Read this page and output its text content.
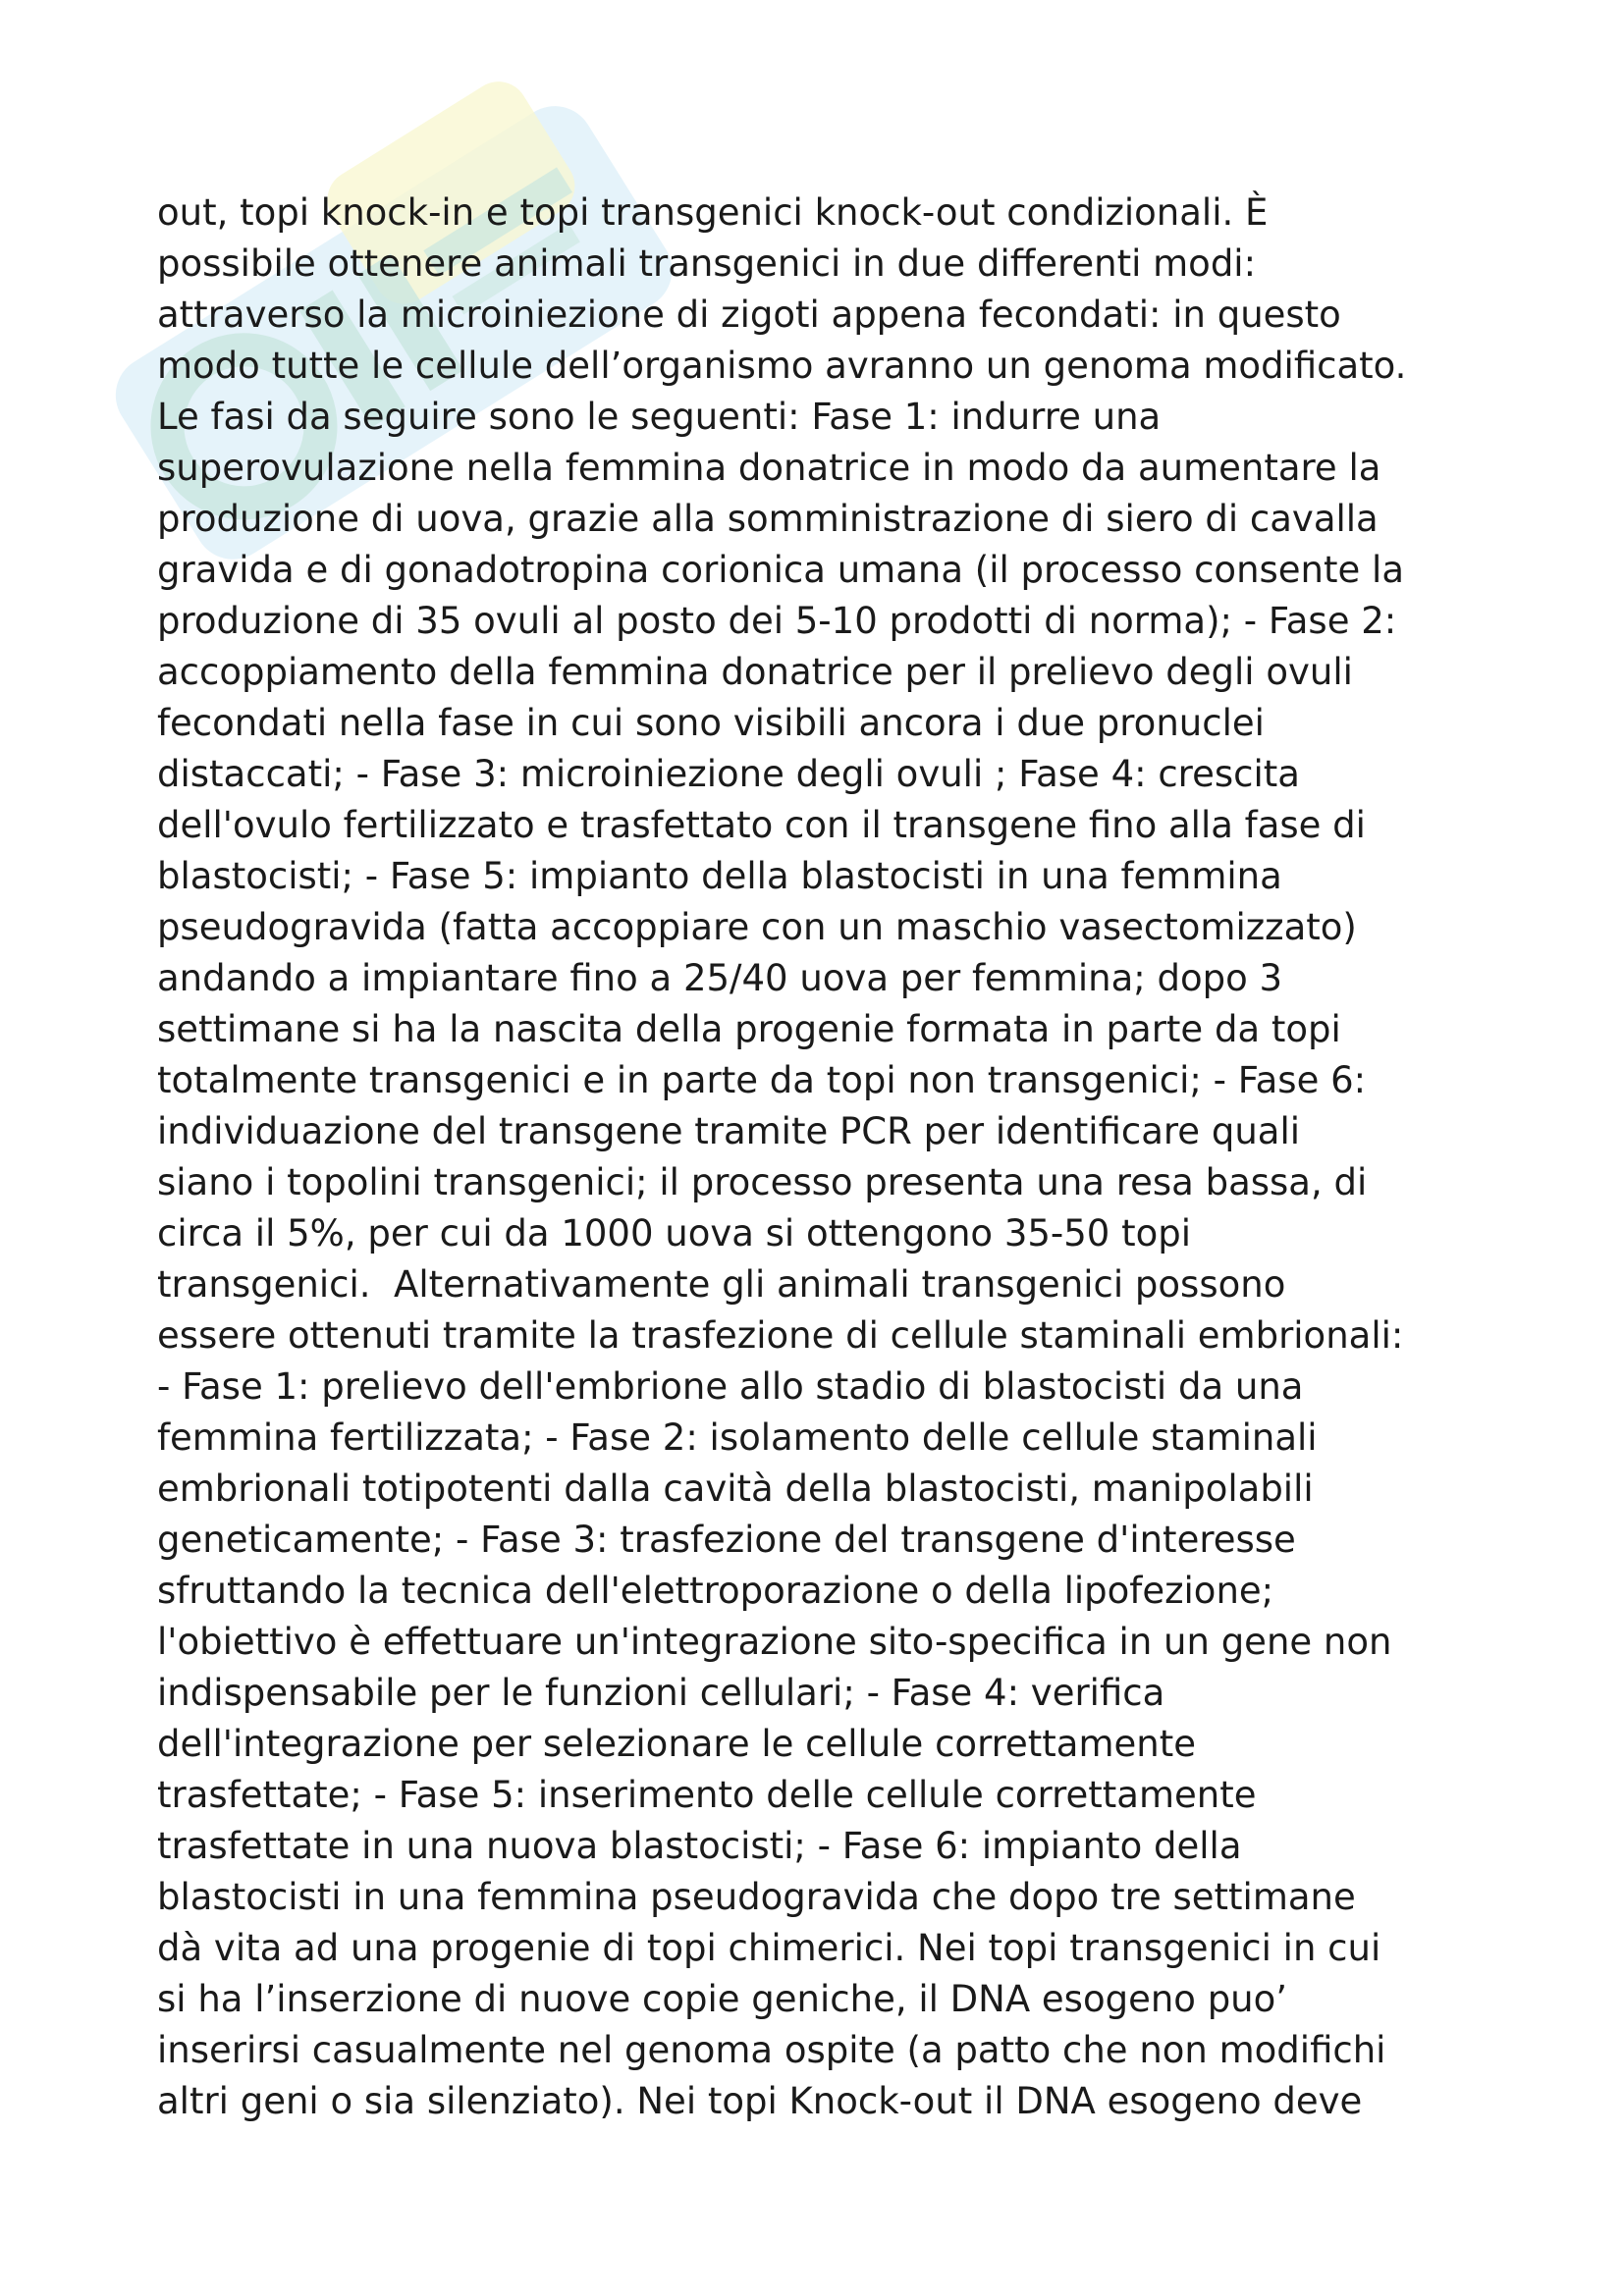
out, topi knock-in e topi transgenici knock-out condizionali. È
possibile ottenere animali transgenici in due differenti modi:
attraverso la microiniezione di zigoti appena fecondati: in questo
modo tutte le cellule dell’organismo avranno un genoma modificato.
Le fasi da seguire sono le seguenti: Fase 1: indurre una
superovulazione nella femmina donatrice in modo da aumentare la
produzione di uova, grazie alla somministrazione di siero di cavalla
gravida e di gonadotropina corionica umana (il processo consente la
produzione di 35 ovuli al posto dei 5-10 prodotti di norma); - Fase 2:
accoppiamento della femmina donatrice per il prelievo degli ovuli
fecondati nella fase in cui sono visibili ancora i due pronuclei
distaccati; - Fase 3: microiniezione degli ovuli ; Fase 4: crescita
dell'ovulo fertilizzato e trasfettato con il transgene fino alla fase di
blastocisti; - Fase 5: impianto della blastocisti in una femmina
pseudogravida (fatta accoppiare con un maschio vasectomizzato)
andando a impiantare fino a 25/40 uova per femmina; dopo 3
settimane si ha la nascita della progenie formata in parte da topi
totalmente transgenici e in parte da topi non transgenici; - Fase 6:
individuazione del transgene tramite PCR per identificare quali
siano i topolini transgenici; il processo presenta una resa bassa, di
circa il 5%, per cui da 1000 uova si ottengono 35-50 topi
transgenici.  Alternativamente gli animali transgenici possono
essere ottenuti tramite la trasfezione di cellule staminali embrionali:
- Fase 1: prelievo dell'embrione allo stadio di blastocisti da una
femmina fertilizzata; - Fase 2: isolamento delle cellule staminali
embrionali totipotenti dalla cavità della blastocisti, manipolabili
geneticamente; - Fase 3: trasfezione del transgene d'interesse
sfruttando la tecnica dell'elettroporazione o della lipofezione;
l'obiettivo è effettuare un'integrazione sito-specifica in un gene non
indispensabile per le funzioni cellulari; - Fase 4: verifica
dell'integrazione per selezionare le cellule correttamente
trasfettate; - Fase 5: inserimento delle cellule correttamente
trasfettate in una nuova blastocisti; - Fase 6: impianto della
blastocisti in una femmina pseudogravida che dopo tre settimane
dà vita ad una progenie di topi chimerici. Nei topi transgenici in cui
si ha l’inserzione di nuove copie geniche, il DNA esogeno puo’
inserirsi casualmente nel genoma ospite (a patto che non modifichi
altri geni o sia silenziato). Nei topi Knock-out il DNA esogeno deve
